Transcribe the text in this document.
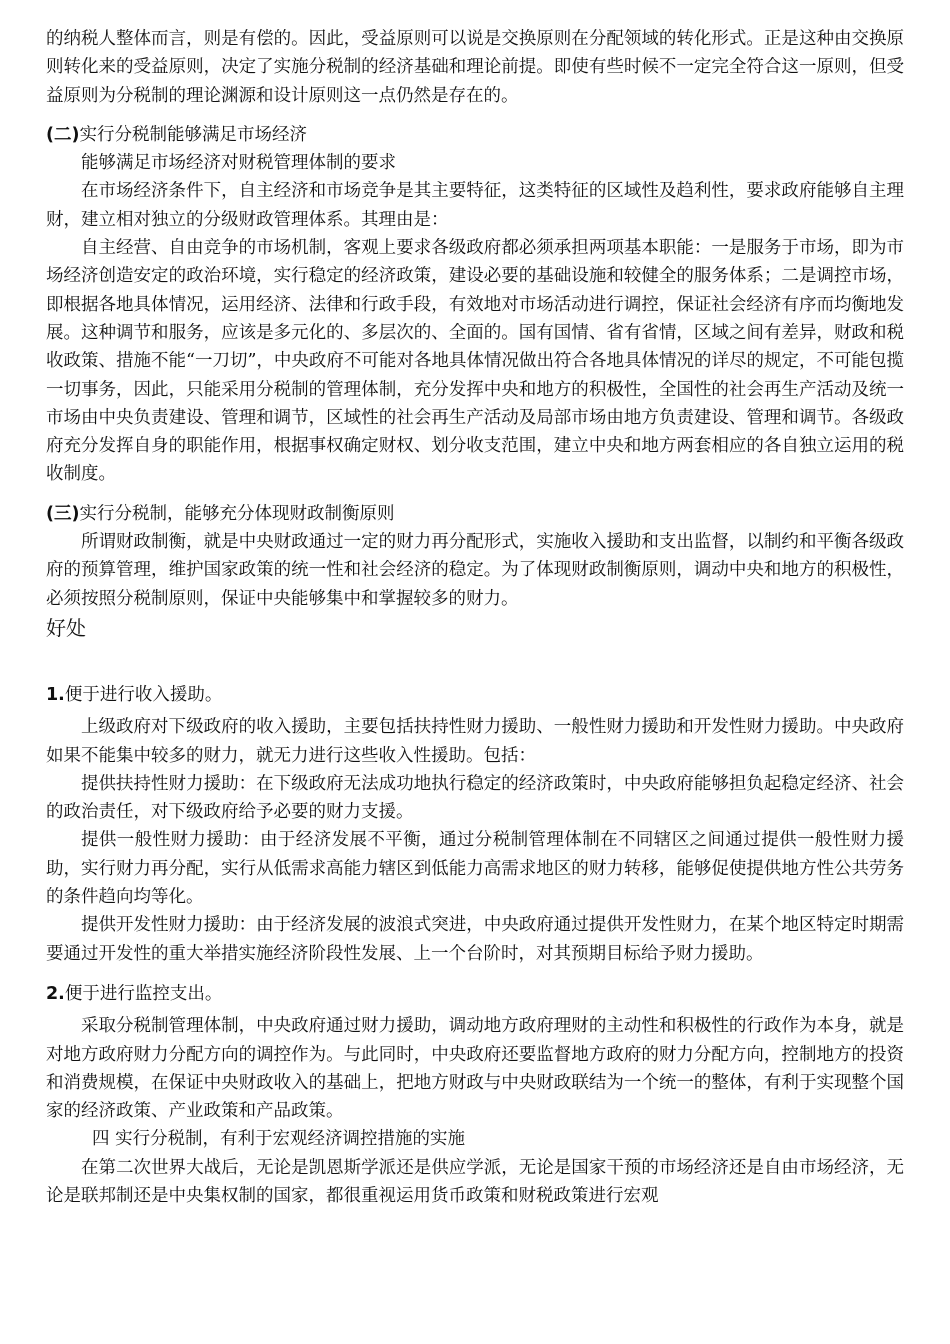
的纳税人整体而言，则是有偿的。因此，受益原则可以说是交换原则在分配领域的转化形式。正是这种由交换原则转化来的受益原则，决定了实施分税制的经济基础和理论前提。即使有些时候不一定完全符合这一原则，但受益原则为分税制的理论渊源和设计原则这一点仍然是存在的。

(二)实行分税制能够满足市场经济

能够满足市场经济对财税管理体制的要求

在市场经济条件下，自主经济和市场竞争是其主要特征，这类特征的区域性及趋利性，要求政府能够自主理财，建立相对独立的分级财政管理体系。其理由是：

自主经营、自由竞争的市场机制，客观上要求各级政府都必须承担两项基本职能：一是服务于市场，即为市场经济创造安定的政治环境，实行稳定的经济政策，建设必要的基础设施和较健全的服务体系；二是调控市场，即根据各地具体情况，运用经济、法律和行政手段，有效地对市场活动进行调控，保证社会经济有序而均衡地发展。这种调节和服务，应该是多元化的、多层次的、全面的。国有国情、省有省情，区域之间有差异，财政和税收政策、措施不能“一刀切”，中央政府不可能对各地具体情况做出符合各地具体情况的详尽的规定，不可能包揽一切事务，因此，只能采用分税制的管理体制，充分发挥中央和地方的积极性，全国性的社会再生产活动及统一市场由中央负责建设、管理和调节，区域性的社会再生产活动及局部市场由地方负责建设、管理和调节。各级政府充分发挥自身的职能作用，根据事权确定财权、划分收支范围，建立中央和地方两套相应的各自独立运用的税收制度。

(三)实行分税制，能够充分体现财政制衡原则

所谓财政制衡，就是中央财政通过一定的财力再分配形式，实施收入援助和支出监督，以制约和平衡各级政府的预算管理，维护国家政策的统一性和社会经济的稳定。为了体现财政制衡原则，调动中央和地方的积极性，必须按照分税制原则，保证中央能够集中和掌握较多的财力。

好处

1.便于进行收入援助。

上级政府对下级政府的收入援助，主要包括扶持性财力援助、一般性财力援助和开发性财力援助。中央政府如果不能集中较多的财力，就无力进行这些收入性援助。包括：

提供扶持性财力援助：在下级政府无法成功地执行稳定的经济政策时，中央政府能够担负起稳定经济、社会的政治责任，对下级政府给予必要的财力支援。

提供一般性财力援助：由于经济发展不平衡，通过分税制管理体制在不同辖区之间通过提供一般性财力援助，实行财力再分配，实行从低需求高能力辖区到低能力高需求地区的财力转移，能够促使提供地方性公共劳务的条件趋向均等化。

提供开发性财力援助：由于经济发展的波浪式突进，中央政府通过提供开发性财力，在某个地区特定时期需要通过开发性的重大举措实施经济阶段性发展、上一个台阶时，对其预期目标给予财力援助。

2.便于进行监控支出。

采取分税制管理体制，中央政府通过财力援助，调动地方政府理财的主动性和积极性的行政作为本身，就是对地方政府财力分配方向的调控作为。与此同时，中央政府还要监督地方政府的财力分配方向，控制地方的投资和消费规模，在保证中央财政收入的基础上，把地方财政与中央财政联结为一个统一的整体，有利于实现整个国家的经济政策、产业政策和产品政策。

四 实行分税制，有利于宏观经济调控措施的实施

在第二次世界大战后，无论是凯恩斯学派还是供应学派，无论是国家干预的市场经济还是自由市场经济，无论是联邦制还是中央集权制的国家，都很重视运用货币政策和财税政策进行宏观
